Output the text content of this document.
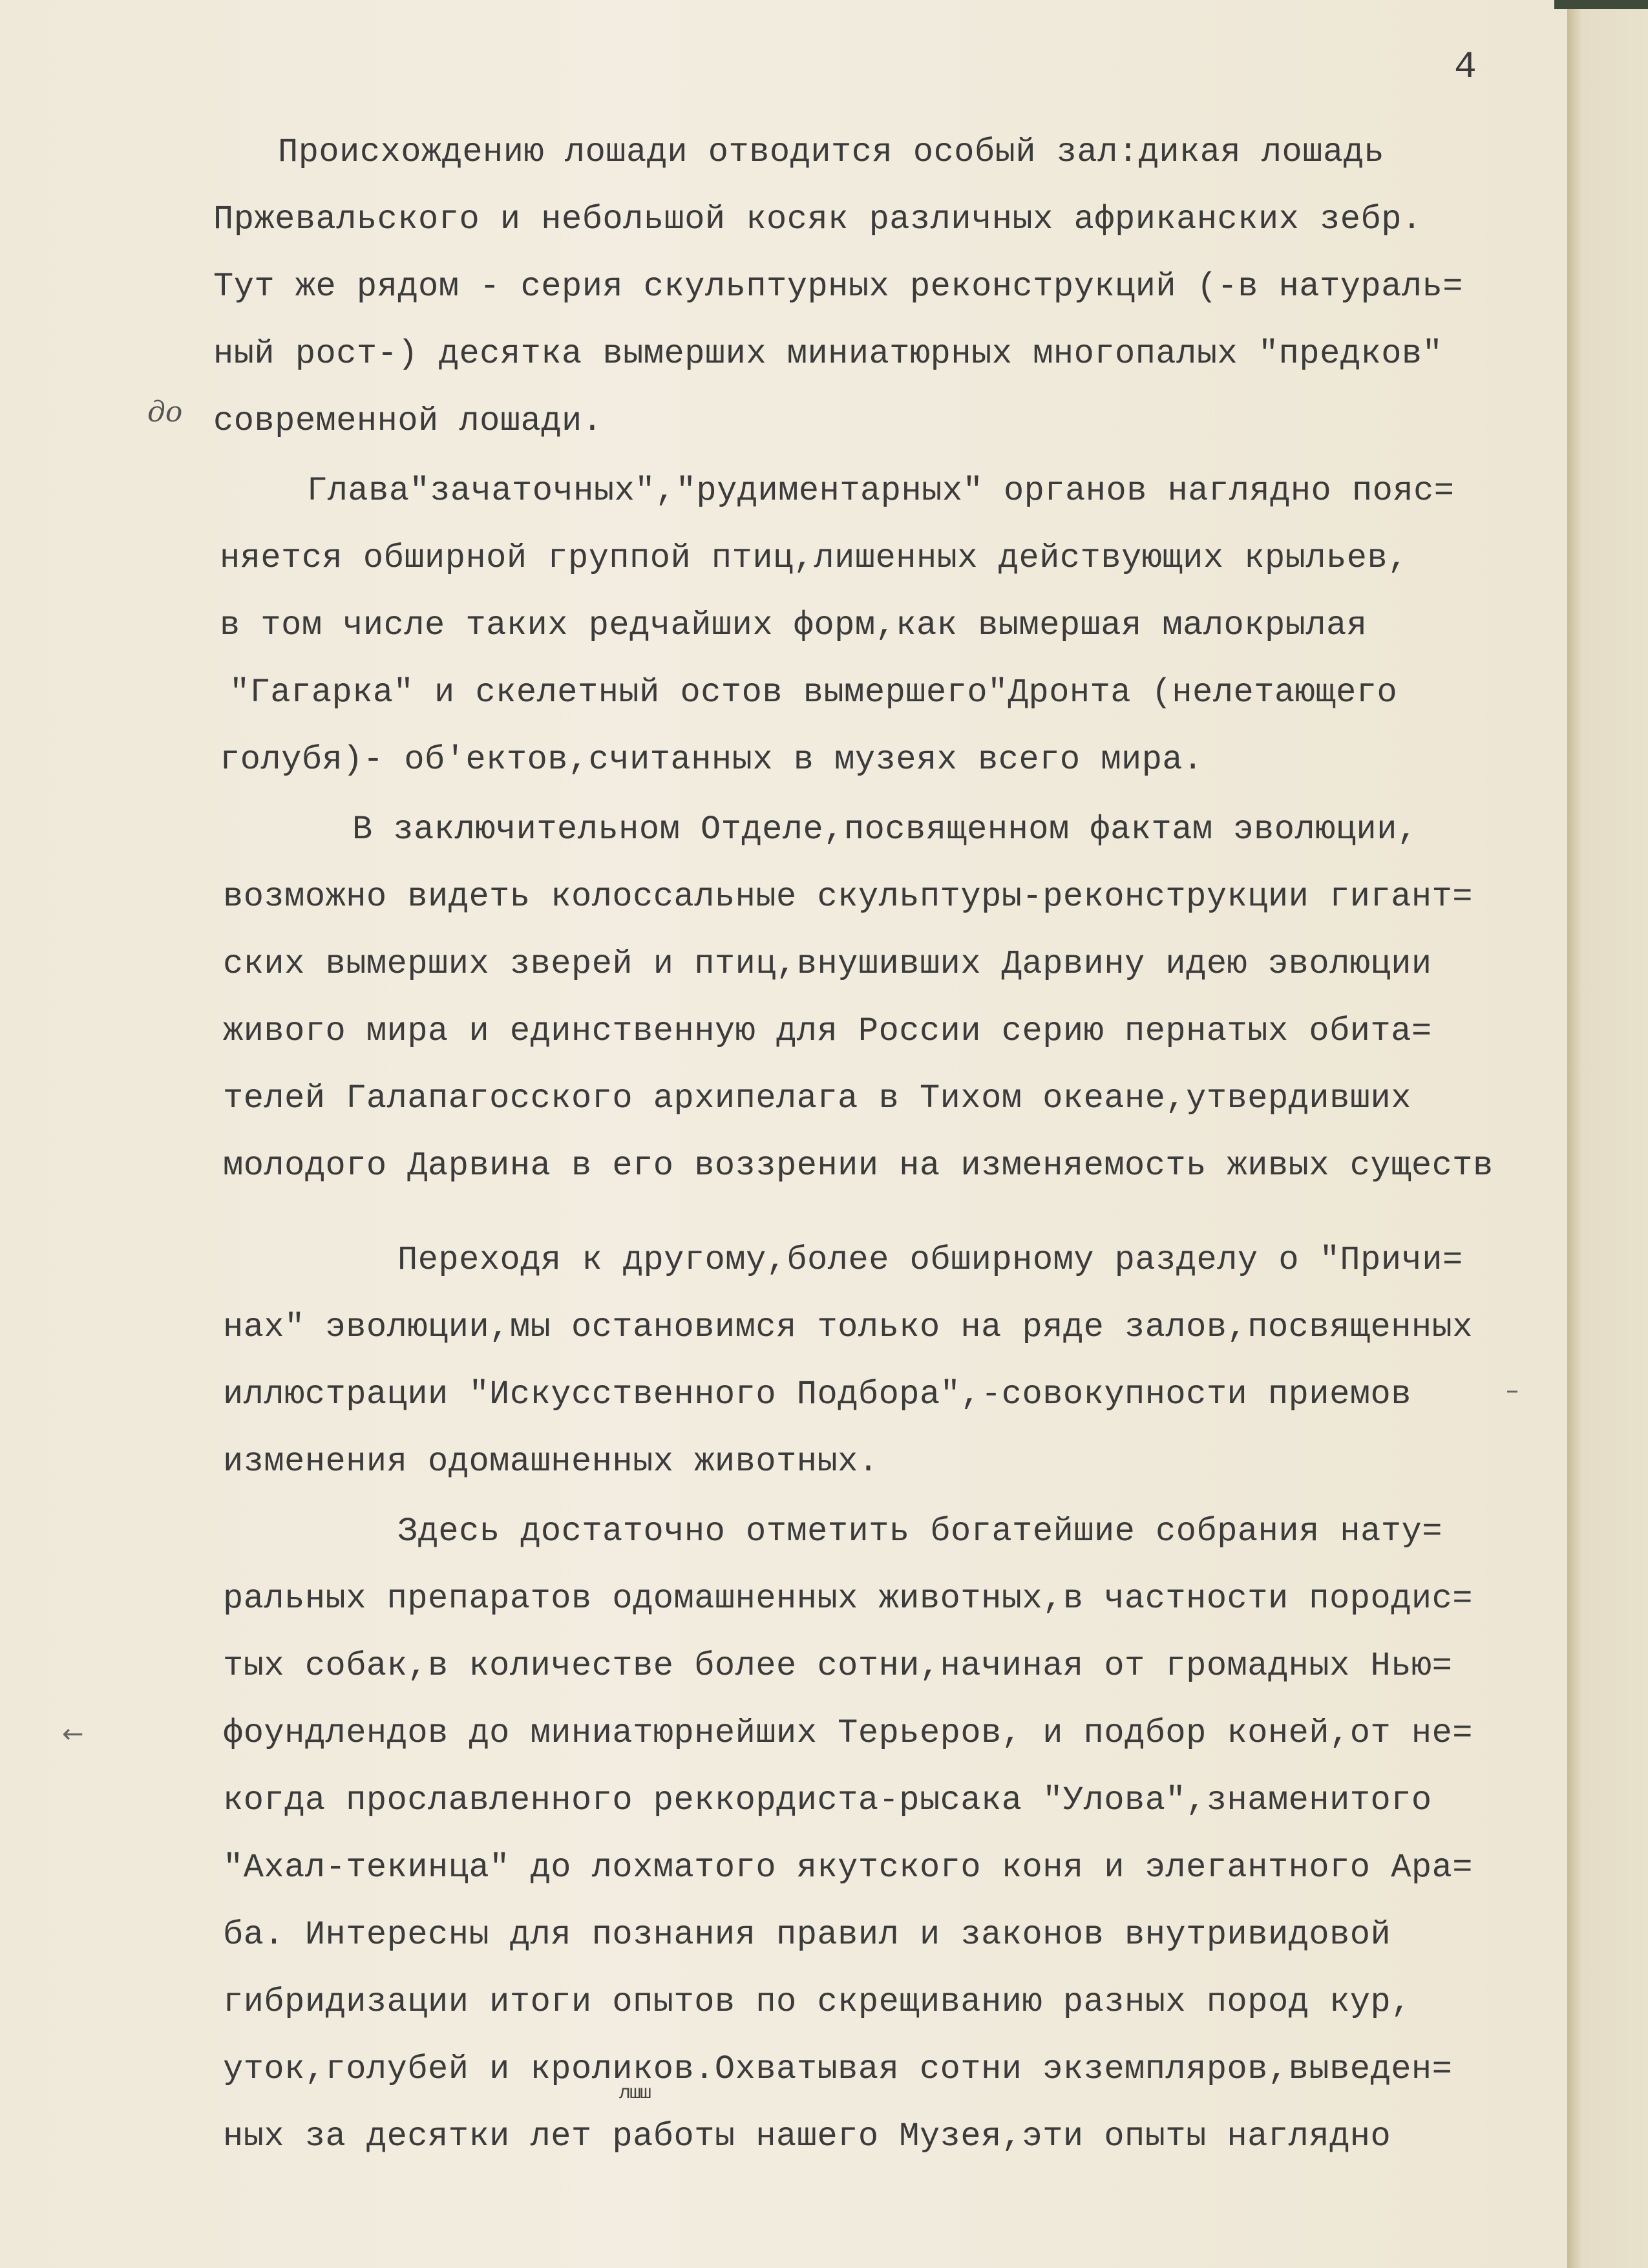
4
до
–
←
лшш
Происхождению лошади отводится особый зал:дикая лошадь
Пржевальского и небольшой косяк различных африканских зебр.
Тут же рядом - серия скульптурных реконструкций (-в натураль=
ный рост-) десятка вымерших миниатюрных многопалых "предков"
современной лошади.
Глава"зачаточных","рудиментарных" органов наглядно пояс=
няется обширной группой птиц,лишенных действующих крыльев,
в том числе таких редчайших форм,как вымершая малокрылая
"Гагарка" и скелетный остов вымершего"Дронта (нелетающего
голубя)- об'ектов,считанных в музеях всего мира.
В заключительном Отделе,посвященном фактам эволюции,
возможно видеть колоссальные скульптуры-реконструкции гигант=
ских вымерших зверей и птиц,внушивших Дарвину идею эволюции
живого мира и единственную для России серию пернатых обита=
телей Галапагосского архипелага в Тихом океане,утвердивших
молодого Дарвина в его воззрении на изменяемость живых существ
Переходя к другому,более обширному разделу о "Причи=
нах" эволюции,мы остановимся только на ряде залов,посвященных
иллюстрации "Искусственного Подбора",-совокупности приемов
изменения одомашненных животных.
Здесь достаточно отметить богатейшие собрания нату=
ральных препаратов одомашненных животных,в частности породис=
тых собак,в количестве более сотни,начиная от громадных Нью=
фоундлендов до миниатюрнейших Терьеров, и подбор коней,от не=
когда прославленного реккордиста-рысака "Улова",знаменитого
"Ахал-текинца" до лохматого якутского коня и элегантного Ара=
ба. Интересны для познания правил и законов внутривидовой
гибридизации итоги опытов по скрещиванию разных пород кур,
уток,голубей и кроликов.Охватывая сотни экземпляров,выведен=
ных за десятки лет работы нашего Музея,эти опыты наглядно
